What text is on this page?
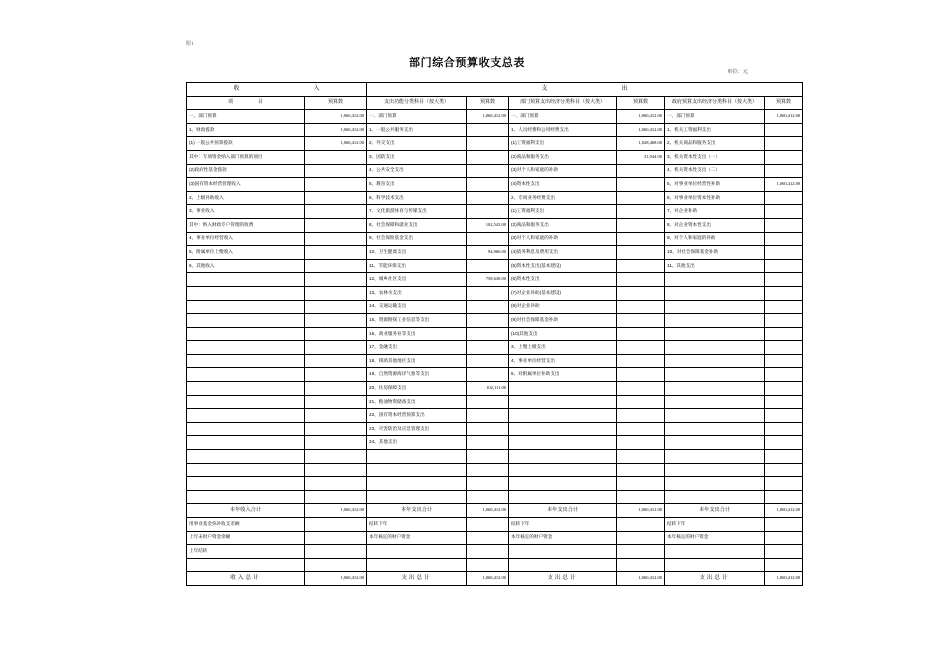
附1
部门综合预算收支总表
单位：元
收　　　入		支　　　出					
项　　目	预算数	支出功能分类科目（按大类）	预算数	部门预算支出经济分类科目（按大类）	预算数	政府预算支出经济分类科目（按大类）	预算数
一、部门预算	1,060,412.00	一、部门预算	1,060,412.00	一、部门预算	1,060,412.00	一、部门预算	1,060,412.00
1、财政拨款	1,060,412.00	1、一般公共服务支出		1、人员经费和公用经费支出	1,060,412.00	1、机关工资福利支出	
(1) 一般公共预算拨款	1,060,412.00	2、外交支出		(1)工资福利支出	1,028,468.00	2、机关商品和服务支出	
其中：专项资金纳入部门预算的项目		3、国防支出		(2)商品和服务支出	31,944.00	3、机关资本性支出（一）	
(2)政府性基金拨款		4、公共安全支出		(3)对个人和家庭的补助		4、机关资本性支出（二）	
(3)国有资本经营管理收入		5、教育支出		(4)资本性支出		5、对事业单位经营性补助	1,060,412.00
2、上级补助收入		6、科学技术支出		2、专项业务经费支出		6、对事业单位资本性补助	
3、事业收入		7、文化旅游体育与传媒支出		(1)工资福利支出		7、对企业补助	
其中：纳入财政专户管理的收费		8、社会保障和就业支出	102,543.00	(2)商品和服务支出		8、对企业资本性支出	
4、事业单位经营收入		9、社会保险基金支出		(3)对个人和家庭的补助		9、对个人和家庭的补助	
5、附属单位上缴收入		10、卫生健康支出	94,966.00	(4)债务利息及费用支出		10、对社会保障基金补助	
6、其他收入		11、节能环保支出		(5)资本性支出(基本建设)		11、其他支出	
		12、城乡社区支出	758,630.00	(6)资本性支出			
		13、农林水支出		(7)对企业补助(基本建设)			
		14、交通运输支出		(8)对企业补助			
		15、资源勘探工业信息等支出		(9)对社会保障基金补助			
		16、商业服务业等支出		(10)其他支出			
		17、金融支出		3、上缴上级支出			
		18、援助其他地区支出		4、事业单位经营支出			
		19、自然资源海洋气象等支出		5、对附属单位补助支出			
		20、住房保障支出	102,111.00				
		21、粮油物资储备支出					
		22、国有资本经营预算支出					
		23、灾害防治及应急管理支出					
		24、其他支出					

本年收入合计	1,060,412.00	本年支出合计	1,060,412.00	本年支出合计	1,060,412.00	本年支出合计	1,060,412.00
用事业基金弥补收支差额		结转下年		结转下年		结转下年	
上年末财户资金余额		本年核定的财户资金		本年核定的财户资金		本年核定的财户资金	
上年结转							

收入总计	1,060,412.00	支出总计	1,060,412.00	支出总计	1,060,412.00	支出总计	1,060,412.00
